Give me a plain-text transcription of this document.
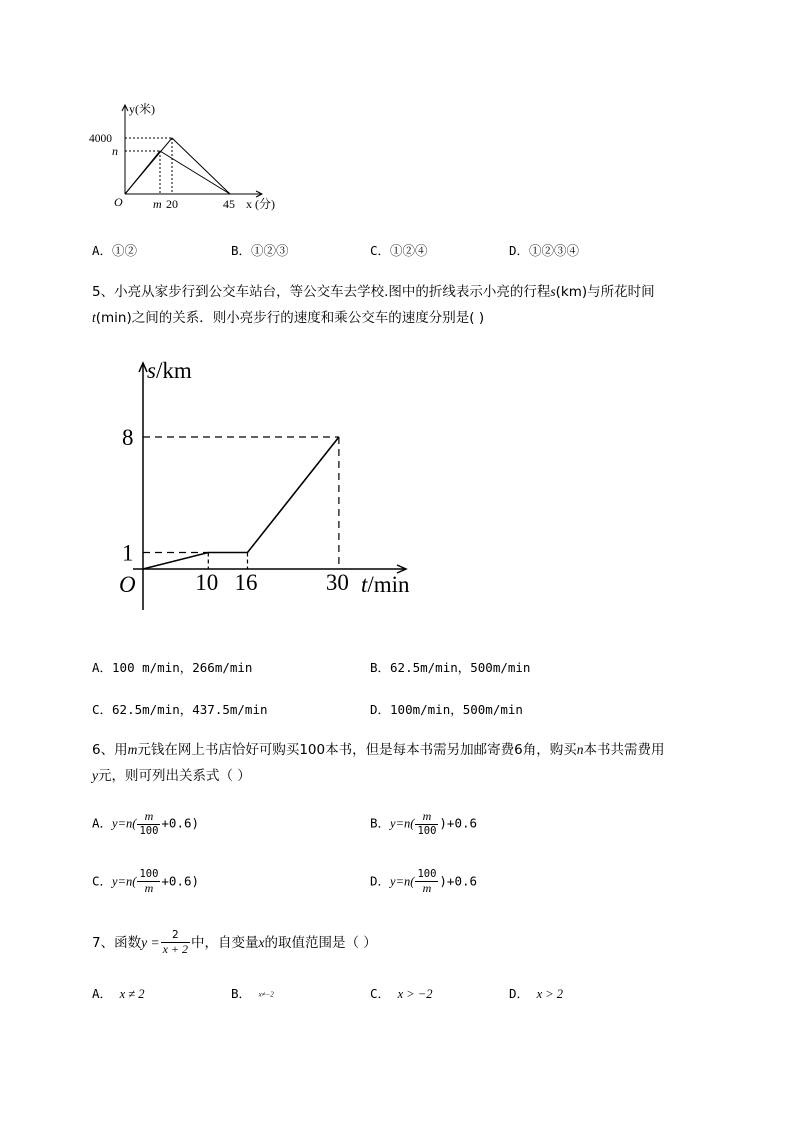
y(米)
4000
n
O	m 20	45 x (分)
A．①②	B．①②③	C．①②④	D．①②③④
5、小亮从家步行到公交车站台，等公交车去学校.图中的折线表示小亮的行程s(km)与所花时间
t(min)之间的关系．则小亮步行的速度和乘公交车的速度分别是( )
s/km
t/min
O
8
1
10 16	30
A．100 m/min，266m/min	B．62.5m/min，500m/min
C．62.5m/min，437.5m/min	D．100m/min，500m/min
6、用m元钱在网上书店恰好可购买100本书，但是每本书需另加邮寄费6角，购买n本书共需费用
y元，则可列出关系式（ ）
A．$y=n( \frac{m}{100} +0.6)$	B．$y=n( \frac{m}{100} )+0.6$
C．$y=n( \frac{100}{m} +0.6)$	D．$y=n( \frac{100}{m} )+0.6$
7、函数$y = \frac{2}{x + 2}$ 中，自变量x的取值范围是（ ）
A． x ≠ 2	B． x≠−2	C． x > −2	D． x > 2
